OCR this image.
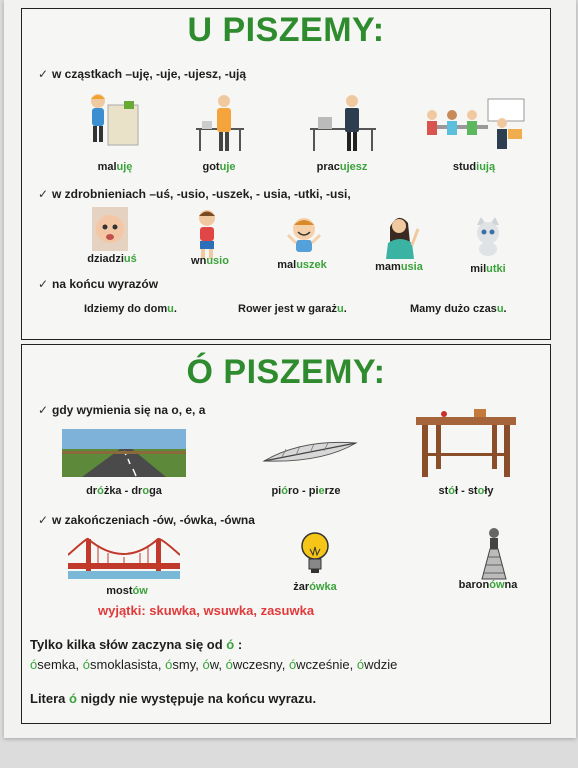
U PISZEMY:
✓ w cząstkach –uję, -uje, -ujesz, -ują
maluję	gotuje	pracujesz	studiują
✓ w zdrobnieniach –uś, -usio, -uszek, - usia, -utki, -usi,
dziadziuś	wnusio	maluszek	mamusia	milutki
✓ na końcu wyrazów
Idziemy do domu.	Rower jest w garażu.	Mamy dużo czasu.
Ó PISZEMY:
✓ gdy wymienia się na o, e, a
dróżka - droga	pióro - pierze	stół - stoły
✓ w zakończeniach -ów, -ówka, -ówna
mostów	żarówka	baronówna
wyjątki: skuwka, wsuwka, zasuwka
Tylko kilka słów zaczyna się od ó :
ósemka, ósmoklasista, ósmy, ów, ówczesny, ówcześnie, ówdzie
Litera ó nigdy nie występuje na końcu wyrazu.
